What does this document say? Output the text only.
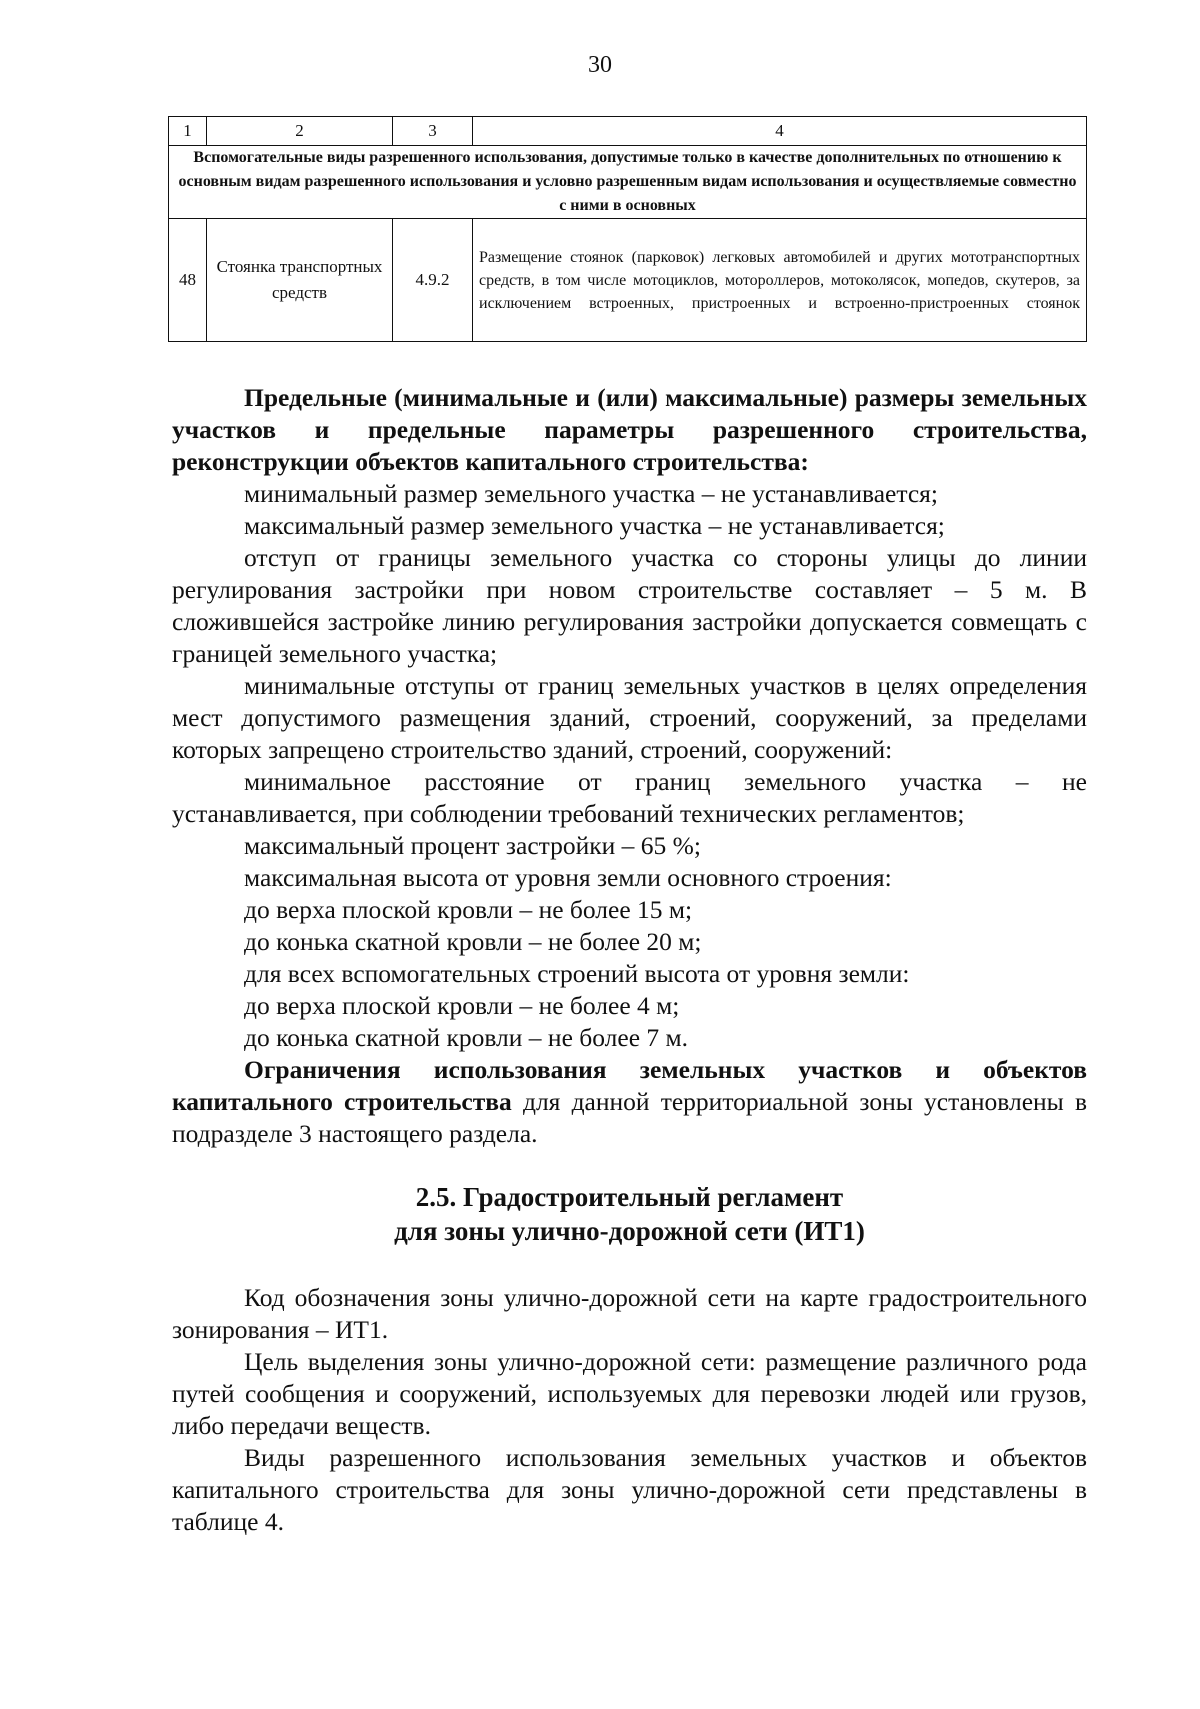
30
1	2	3	4

Вспомогательные виды разрешенного использования, допустимые только в качестве дополнительных по отношению к основным видам разрешенного использования и условно разрешенным видам использования и осуществляемые совместно с ними в основных			

48	Стоянка транспортных средств	4.9.2	Размещение стоянок (парковок) легковых автомобилей и других мототранспортных средств, в том числе мотоциклов, мотороллеров, мотоколясок, мопедов, скутеров, за исключением встроенных, пристроенных и встроенно-пристроенных стоянок

Предельные (минимальные и (или) максимальные) размеры земельных участков и предельные параметры разрешенного строительства, реконструкции объектов капитального строительства:

минимальный размер земельного участка – не устанавливается;

максимальный размер земельного участка – не устанавливается;

отступ от границы земельного участка со стороны улицы до линии регулирования застройки при новом строительстве составляет – 5 м. В сложившейся застройке линию регулирования застройки допускается совмещать с границей земельного участка;

минимальные отступы от границ земельных участков в целях определения мест допустимого размещения зданий, строений, сооружений, за пределами которых запрещено строительство зданий, строений, сооружений:

минимальное расстояние от границ земельного участка – не устанавливается, при соблюдении требований технических регламентов;

максимальный процент застройки – 65 %;

максимальная высота от уровня земли основного строения:

до верха плоской кровли – не более 15 м;

до конька скатной кровли – не более 20 м;

для всех вспомогательных строений высота от уровня земли:

до верха плоской кровли – не более 4 м;

до конька скатной кровли – не более 7 м.

Ограничения использования земельных участков и объектов капитального строительства для данной территориальной зоны установлены в подразделе 3 настоящего раздела.

2.5. Градостроительный регламент

для зоны улично-дорожной сети (ИТ1)

Код обозначения зоны улично-дорожной сети на карте градостроительного зонирования – ИТ1.

Цель выделения зоны улично-дорожной сети: размещение различного рода путей сообщения и сооружений, используемых для перевозки людей или грузов, либо передачи веществ.

Виды разрешенного использования земельных участков и объектов капитального строительства для зоны улично-дорожной сети представлены в таблице 4.
